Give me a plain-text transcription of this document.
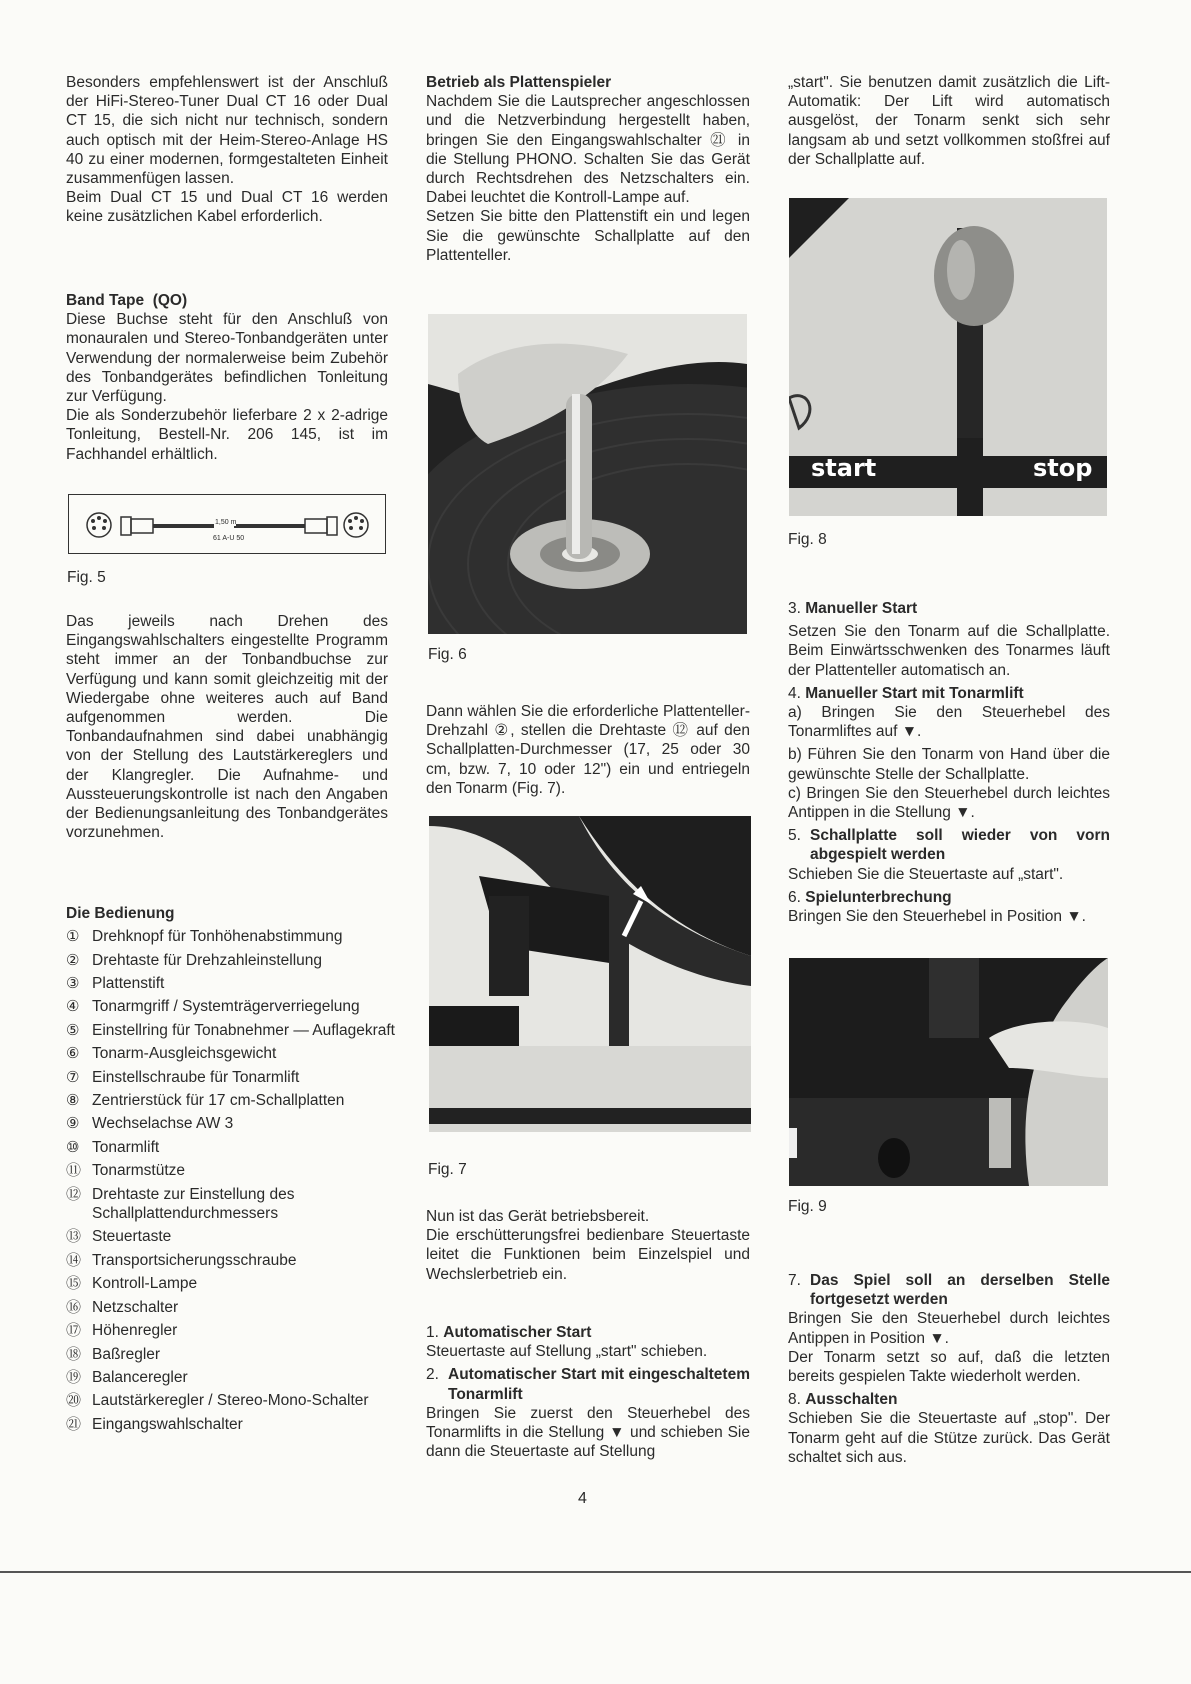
Besonders empfehlenswert ist der Anschluß der HiFi-Stereo-Tuner Dual CT 16 oder Dual CT 15, die sich nicht nur technisch, sondern auch optisch mit der Heim-Stereo-Anlage HS 40 zu einer modernen, formgestalteten Einheit zusammenfügen lassen.

Beim Dual CT 15 und Dual CT 16 werden keine zusätzlichen Kabel erforderlich.

Band Tape (QO)

Diese Buchse steht für den Anschluß von monauralen und Stereo-Tonbandgeräten unter Verwendung der normalerweise beim Zubehör des Tonbandgerätes befindlichen Tonleitung zur Verfügung.

Die als Sonderzubehör lieferbare 2 x 2-adrige Tonleitung, Bestell-Nr. 206 145, ist im Fachhandel erhältlich.

1,50 m
61 A-U 50
Fig. 5

Das jeweils nach Drehen des Eingangswahlschalters eingestellte Programm steht immer an der Tonbandbuchse zur Verfügung und kann somit gleichzeitig mit der Wiedergabe ohne weiteres auch auf Band aufgenommen werden. Die Tonbandaufnahmen sind dabei unabhängig von der Stellung des Lautstärkereglers und der Klangregler. Die Aufnahme- und Aussteuerungskontrolle ist nach den Angaben der Bedienungsanleitung des Tonbandgerätes vorzunehmen.

Die Bedienung
① Drehknopf für Tonhöhenabstimmung
② Drehtaste für Drehzahleinstellung
③ Plattenstift
④ Tonarmgriff / Systemträgerverriegelung
⑤ Einstellring für Tonabnehmer — Auflagekraft
⑥ Tonarm-Ausgleichsgewicht
⑦ Einstellschraube für Tonarmlift
⑧ Zentrierstück für 17 cm-Schallplatten
⑨ Wechselachse AW 3
⑩ Tonarmlift
⑪ Tonarmstütze
⑫ Drehtaste zur Einstellung des Schallplattendurchmessers
⑬ Steuertaste
⑭ Transportsicherungsschraube
⑮ Kontroll-Lampe
⑯ Netzschalter
⑰ Höhenregler
⑱ Baßregler
⑲ Balanceregler
⑳ Lautstärkeregler / Stereo-Mono-Schalter
㉑ Eingangswahlschalter
Betrieb als Plattenspieler

Nachdem Sie die Lautsprecher angeschlossen und die Netzverbindung hergestellt haben, bringen Sie den Eingangswahlschalter ㉑ in die Stellung PHONO. Schalten Sie das Gerät durch Rechtsdrehen des Netzschalters ein. Dabei leuchtet die Kontroll-Lampe auf.

Setzen Sie bitte den Plattenstift ein und legen Sie die gewünschte Schallplatte auf den Plattenteller.

Fig. 6

Dann wählen Sie die erforderliche Plattenteller-Drehzahl ②, stellen die Drehtaste ⑫ auf den Schallplatten-Durchmesser (17, 25 oder 30 cm, bzw. 7, 10 oder 12") ein und entriegeln den Tonarm (Fig. 7).

Fig. 7

Nun ist das Gerät betriebsbereit.

Die erschütterungsfrei bedienbare Steuertaste leitet die Funktionen beim Einzelspiel und Wechslerbetrieb ein.

1. Automatischer Start

Steuertaste auf Stellung „start" schieben.

2. Automatischer Start mit eingeschaltetem Tonarmlift

Bringen Sie zuerst den Steuerhebel des Tonarmlifts in die Stellung ▼ und schieben Sie dann die Steuertaste auf Stellung

„start". Sie benutzen damit zusätzlich die Lift-Automatik: Der Lift wird automatisch ausgelöst, der Tonarm senkt sich sehr langsam ab und setzt vollkommen stoßfrei auf der Schallplatte auf.

start	stop
Fig. 8
3. Manueller Start

Setzen Sie den Tonarm auf die Schallplatte. Beim Einwärtsschwenken des Tonarmes läuft der Plattenteller automatisch an.

4. Manueller Start mit Tonarmlift

a) Bringen Sie den Steuerhebel des Tonarmliftes auf ▼.

b) Führen Sie den Tonarm von Hand über die gewünschte Stelle der Schallplatte.

c) Bringen Sie den Steuerhebel durch leichtes Antippen in die Stellung ▼.

5. Schallplatte soll wieder von vorn abgespielt werden

Schieben Sie die Steuertaste auf „start".

6. Spielunterbrechung

Bringen Sie den Steuerhebel in Position ▼.

Fig. 9
7. Das Spiel soll an derselben Stelle fortgesetzt werden

Bringen Sie den Steuerhebel durch leichtes Antippen in Position ▼.

Der Tonarm setzt so auf, daß die letzten bereits gespielen Takte wiederholt werden.

8. Ausschalten

Schieben Sie die Steuertaste auf „stop". Der Tonarm geht auf die Stütze zurück. Das Gerät schaltet sich aus.

4
